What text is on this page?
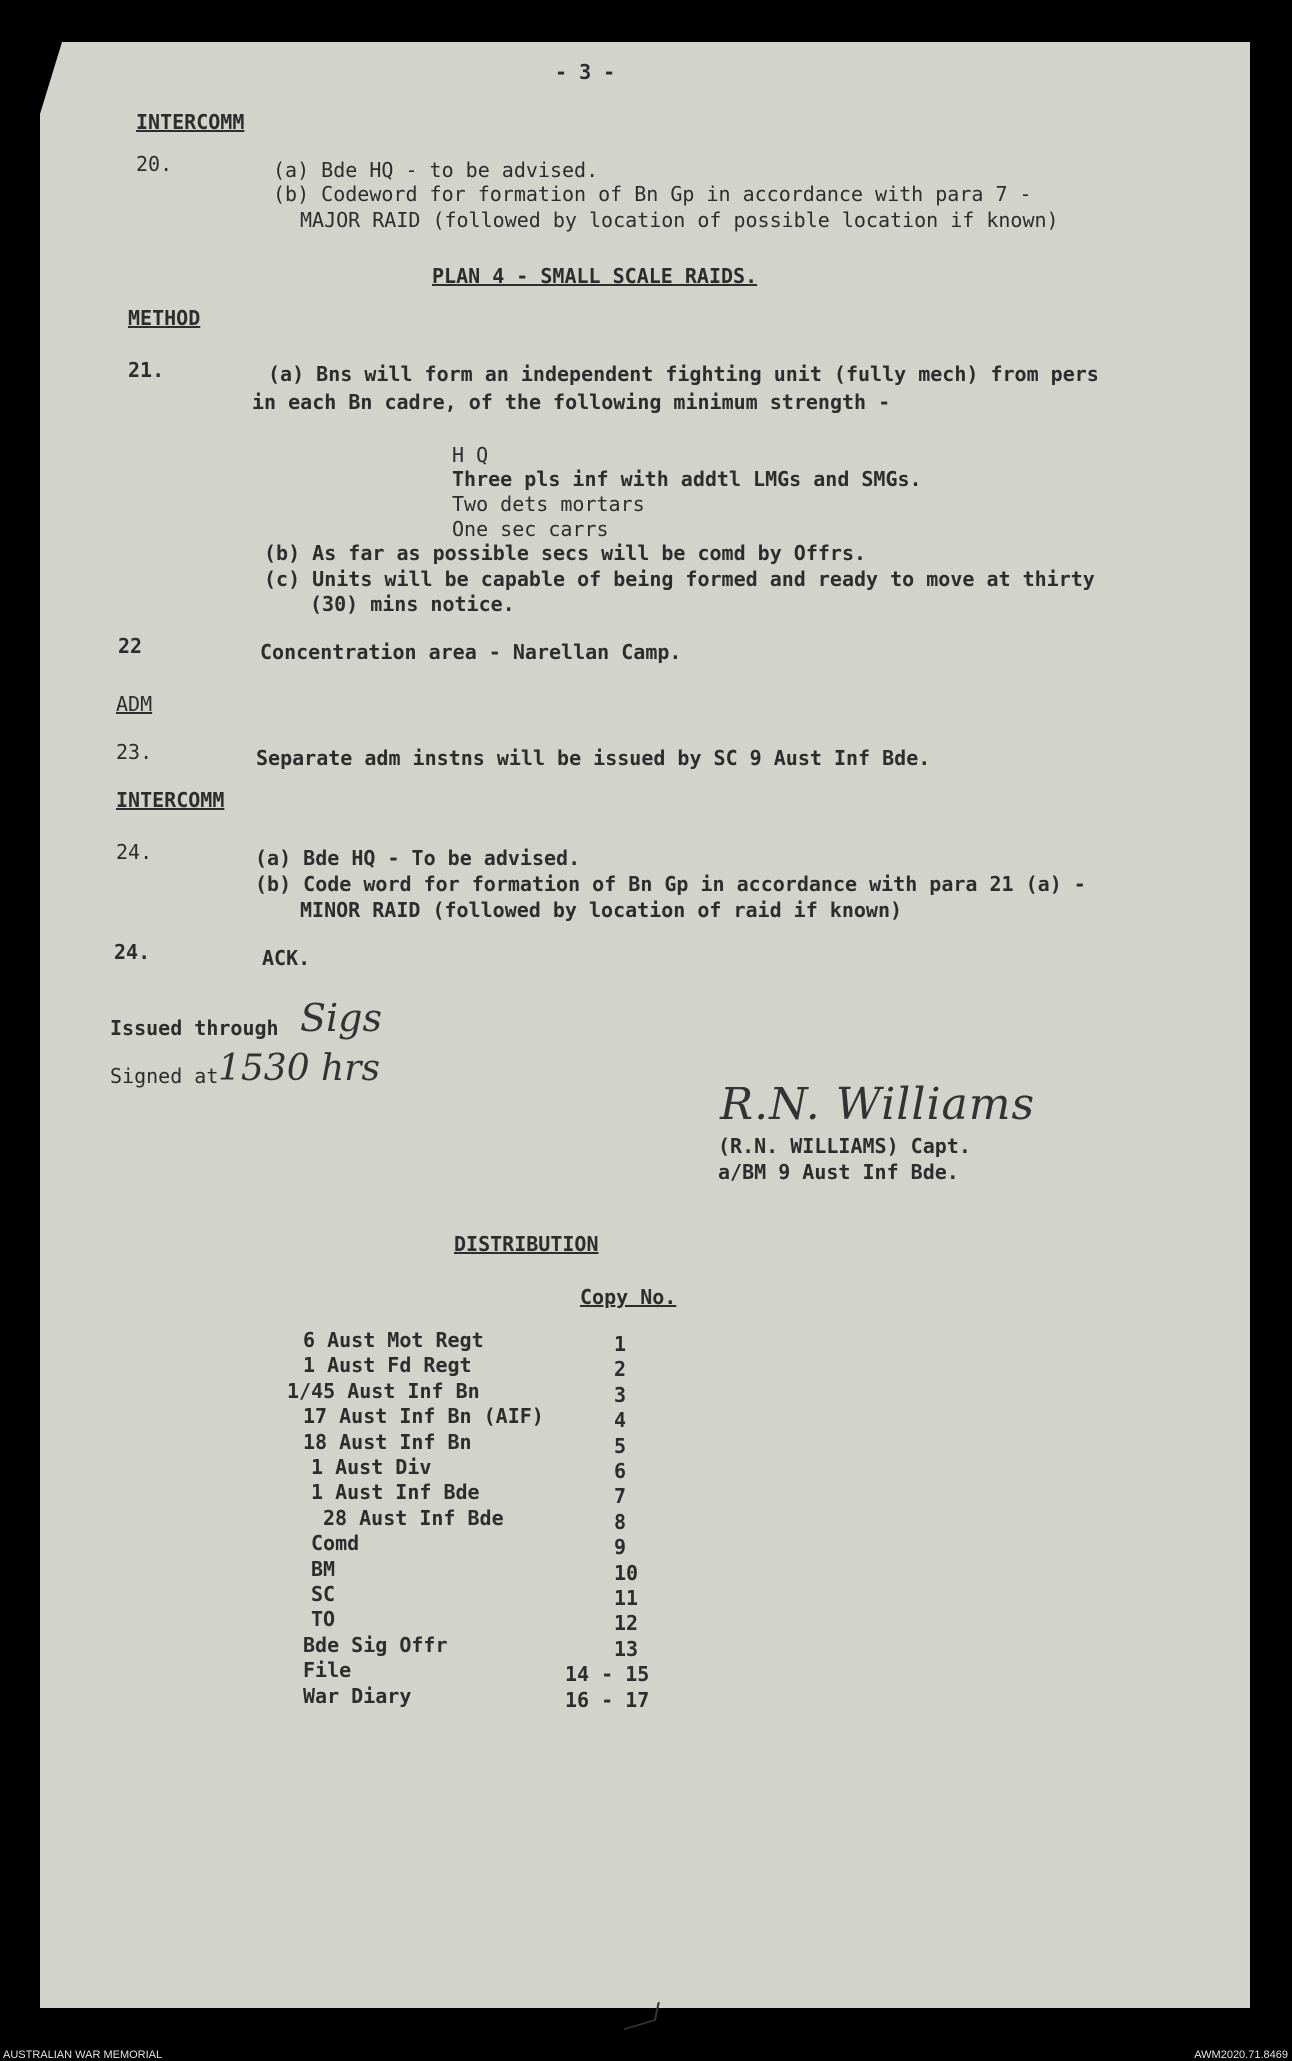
- 3 -
INTERCOMM
20.	(a) Bde HQ - to be advised.
(b) Codeword for formation of Bn Gp in accordance with para 7 -
MAJOR RAID (followed by location of possible location if known)
PLAN 4 - SMALL SCALE RAIDS.
METHOD
21.	(a) Bns will form an independent fighting unit (fully mech) from pers
in each Bn cadre, of the following minimum strength -
H Q
Three pls inf with addtl LMGs and SMGs.
Two dets mortars
One sec carrs
(b) As far as possible secs will be comd by Offrs.
(c) Units will be capable of being formed and ready to move at thirty
(30) mins notice.
22	Concentration area - Narellan Camp.
ADM
23.	Separate adm instns will be issued by SC 9 Aust Inf Bde.
INTERCOMM
24.	(a) Bde HQ - To be advised.
(b) Code word for formation of Bn Gp in accordance with para 21 (a) -
MINOR RAID (followed by location of raid if known)
24.	ACK.
Issued through Sigs
Signed at 1530 hrs
R.N. Williams
(R.N. WILLIAMS) Capt.
a/BM 9 Aust Inf Bde.
DISTRIBUTION
Copy No.
6 Aust Mot Regt	1
1 Aust Fd Regt	2
1/45 Aust Inf Bn	3
17 Aust Inf Bn (AIF)	4
18 Aust Inf Bn	5
1 Aust Div	6
1 Aust Inf Bde	7
28 Aust Inf Bde	8
Comd	9
BM	10
SC	11
TO	12
Bde Sig Offr	13
File	14 - 15
War Diary	16 - 17
AUSTRALIAN WAR MEMORIAL	AWM2020.71.8469
